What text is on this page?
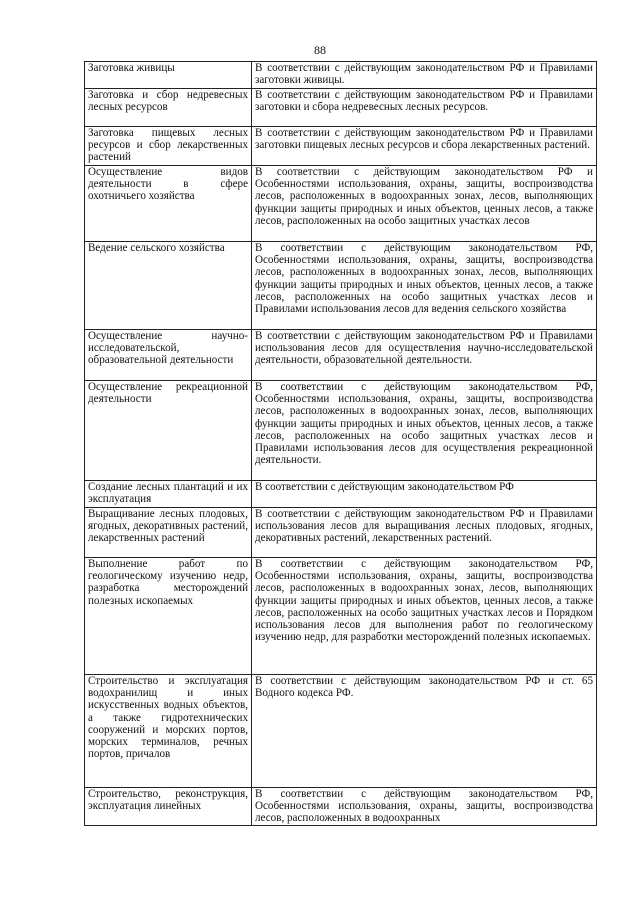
88
Заготовка живицы	В соответствии с действующим законодательством РФ и Правилами заготовки живицы.
Заготовка и сбор недревесных лесных ресурсов	В соответствии с действующим законодательством РФ и Правилами заготовки и сбора недревесных лесных ресурсов.
Заготовка пищевых лесных ресурсов и сбор лекарственных растений	В соответствии с действующим законодательством РФ и Правилами заготовки пищевых лесных ресурсов и сбора лекарственных растений.
Осуществление видов деятельности в сфере охотничьего хозяйства	В соответствии с действующим законодательством РФ и Особенностями использования, охраны, защиты, воспроизводства лесов, расположенных в водоохранных зонах, лесов, выполняющих функции защиты природных и иных объектов, ценных лесов, а также лесов, расположенных на особо защитных участках лесов
Ведение сельского хозяйства	В соответствии с действующим законодательством РФ, Особенностями использования, охраны, защиты, воспроизводства лесов, расположенных в водоохранных зонах, лесов, выполняющих функции защиты природных и иных объектов, ценных лесов, а также лесов, расположенных на особо защитных участках лесов и Правилами использования лесов для ведения сельского хозяйства
Осуществление научно-исследовательской, образовательной деятельности	В соответствии с действующим законодательством РФ и Правилами использования лесов для осуществления научно-исследовательской деятельности, образовательной деятельности.
Осуществление рекреационной деятельности	В соответствии с действующим законодательством РФ, Особенностями использования, охраны, защиты, воспроизводства лесов, расположенных в водоохранных зонах, лесов, выполняющих функции защиты природных и иных объектов, ценных лесов, а также лесов, расположенных на особо защитных участках лесов и Правилами использования лесов для осуществления рекреационной деятельности.
Создание лесных плантаций и их эксплуатация	В соответствии с действующим законодательством РФ
Выращивание лесных плодовых, ягодных, декоративных растений, лекарственных растений	В соответствии с действующим законодательством РФ и Правилами использования лесов для выращивания лесных плодовых, ягодных, декоративных растений, лекарственных растений.
Выполнение работ по геологическому изучению недр, разработка месторождений полезных ископаемых	В соответствии с действующим законодательством РФ, Особенностями использования, охраны, защиты, воспроизводства лесов, расположенных в водоохранных зонах, лесов, выполняющих функции защиты природных и иных объектов, ценных лесов, а также лесов, расположенных на особо защитных участках лесов и Порядком использования лесов для выполнения работ по геологическому изучению недр, для разработки месторождений полезных ископаемых.
Строительство и эксплуатация водохранилищ и иных искусственных водных объектов, а также гидротехнических сооружений и морских портов, морских терминалов, речных портов, причалов	В соответствии с действующим законодательством РФ и ст. 65 Водного кодекса РФ.
Строительство, реконструкция, эксплуатация линейных	В соответствии с действующим законодательством РФ, Особенностями использования, охраны, защиты, воспроизводства лесов, расположенных в водоохранных
